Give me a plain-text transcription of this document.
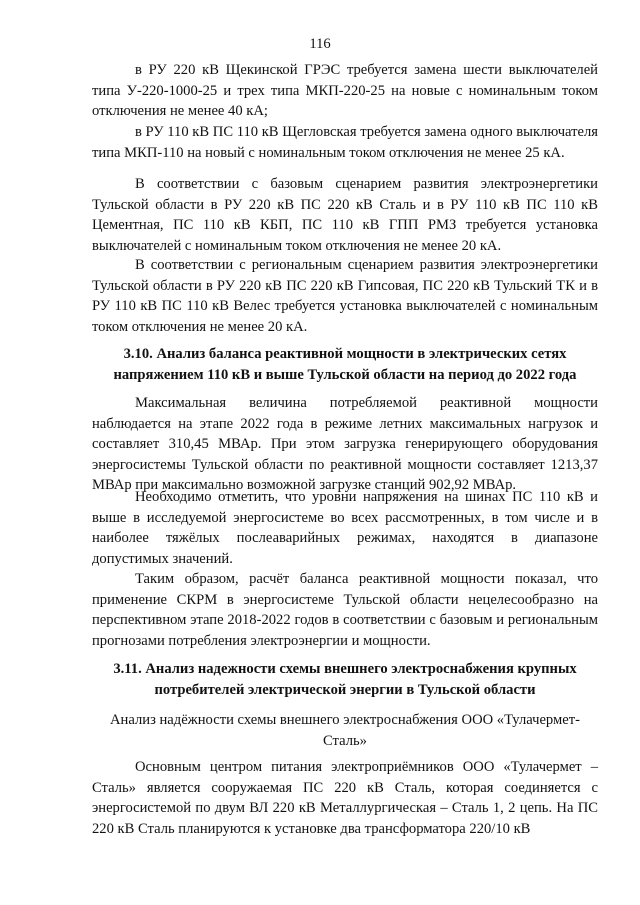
116

в РУ 220 кВ Щекинской ГРЭС требуется замена шести выключателей типа У-220-1000-25 и трех типа МКП-220-25 на новые с номинальным током отключения не менее 40 кА;

в РУ 110 кВ ПС 110 кВ Щегловская требуется замена одного выключателя типа МКП-110 на новый с номинальным током отключения не менее 25 кА.

В соответствии с базовым сценарием развития электроэнергетики Тульской области в РУ 220 кВ ПС 220 кВ Сталь и в РУ 110 кВ ПС 110 кВ Цементная, ПС 110 кВ КБП, ПС 110 кВ ГПП РМЗ требуется установка выключателей с номинальным током отключения не менее 20 кА.

В соответствии с региональным сценарием развития электроэнергетики Тульской области в РУ 220 кВ ПС 220 кВ Гипсовая, ПС 220 кВ Тульский ТК и в РУ 110 кВ ПС 110 кВ Велес требуется установка выключателей с номинальным током отключения не менее 20 кА.

3.10. Анализ баланса реактивной мощности в электрических сетях напряжением 110 кВ и выше Тульской области на период до 2022 года

Максимальная величина потребляемой реактивной мощности наблюдается на этапе 2022 года в режиме летних максимальных нагрузок и составляет 310,45 МВАр. При этом загрузка генерирующего оборудования энергосистемы Тульской области по реактивной мощности составляет 1213,37 МВАр при максимально возможной загрузке станций 902,92 МВАр.

Необходимо отметить, что уровни напряжения на шинах ПС 110 кВ и выше в исследуемой энергосистеме во всех рассмотренных, в том числе и в наиболее тяжёлых послеаварийных режимах, находятся в диапазоне допустимых значений.

Таким образом, расчёт баланса реактивной мощности показал, что применение СКРМ в энергосистеме Тульской области нецелесообразно на перспективном этапе 2018-2022 годов в соответствии с базовым и региональным прогнозами потребления электроэнергии и мощности.

3.11. Анализ надежности схемы внешнего электроснабжения крупных потребителей электрической энергии в Тульской области

Анализ надёжности схемы внешнего электроснабжения ООО «Тулачермет-Сталь»

Основным центром питания электроприёмников ООО «Тулачермет – Сталь» является сооружаемая ПС 220 кВ Сталь, которая соединяется с энергосистемой по двум ВЛ 220 кВ Металлургическая – Сталь 1, 2 цепь. На ПС 220 кВ Сталь планируются к установке два трансформатора 220/10 кВ
